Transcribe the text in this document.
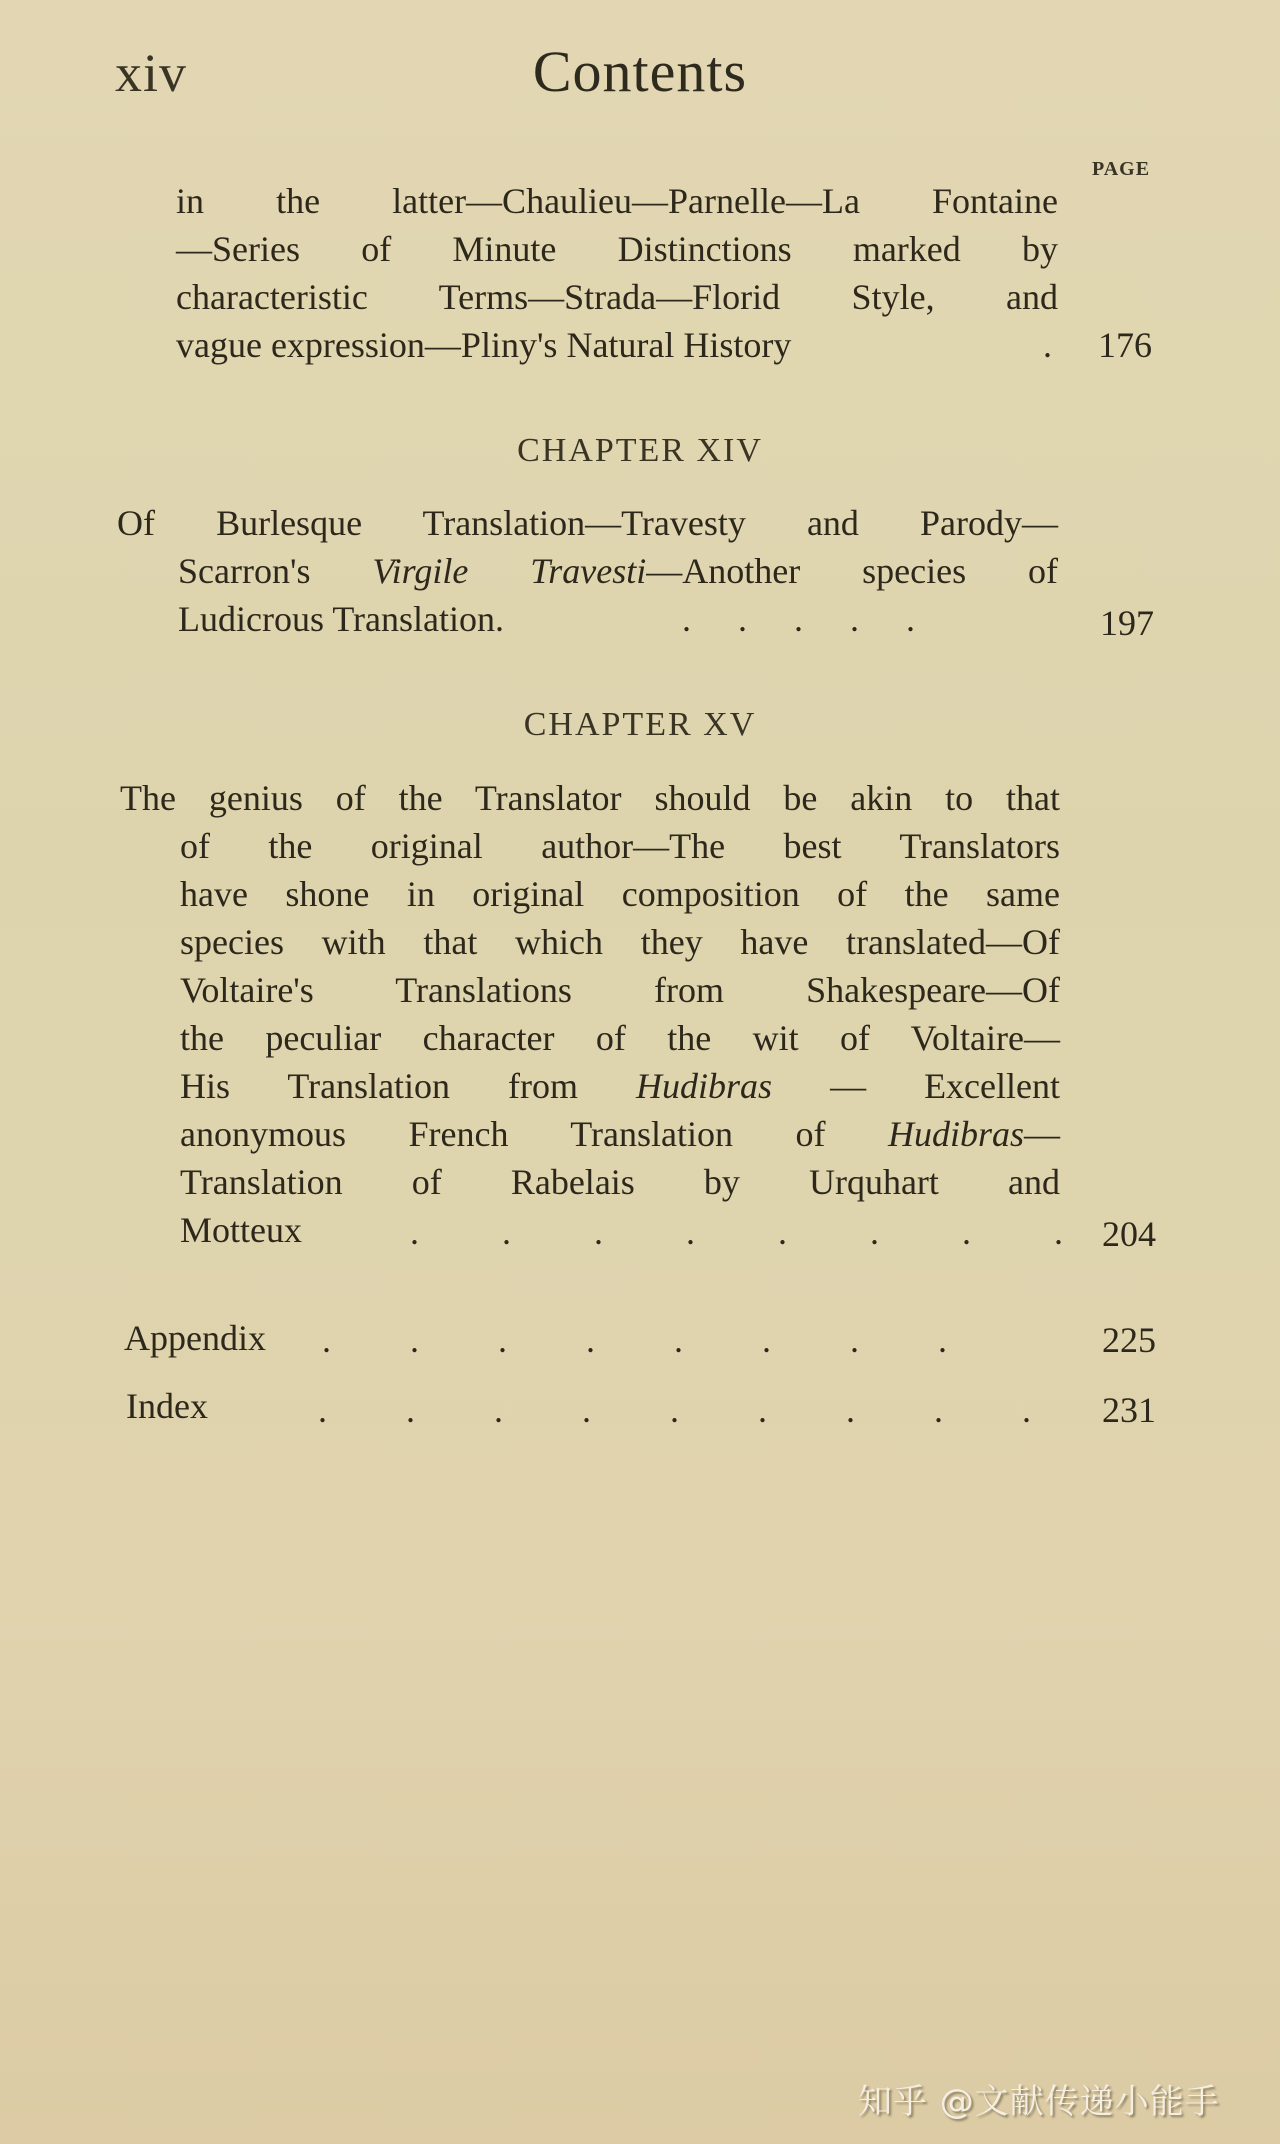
xiv	Contents
PAGE
in the latter—Chaulieu—Parnelle—La Fontaine
—Series of Minute Distinctions marked by
characteristic Terms—Strada—Florid Style, and
vague expression—Pliny's Natural History	. 176
CHAPTER XIV
Of Burlesque Translation—Travesty and Parody—
Scarron's Virgile Travesti—Another species of
Ludicrous Translation.	. . . . .	197
CHAPTER XV
The genius of the Translator should be akin to that
of the original author—The best Translators
have shone in original composition of the same
species with that which they have translated—Of
Voltaire's Translations from Shakespeare—Of
the peculiar character of the wit of Voltaire—
His Translation from Hudibras — Excellent
anonymous French Translation of Hudibras—
Translation of Rabelais by Urquhart and
Motteux	. . . . . . . . 204
Appendix . . . . . . . .	225
Index	. . . . . . . . . 231
知乎 @文献传递小能手
